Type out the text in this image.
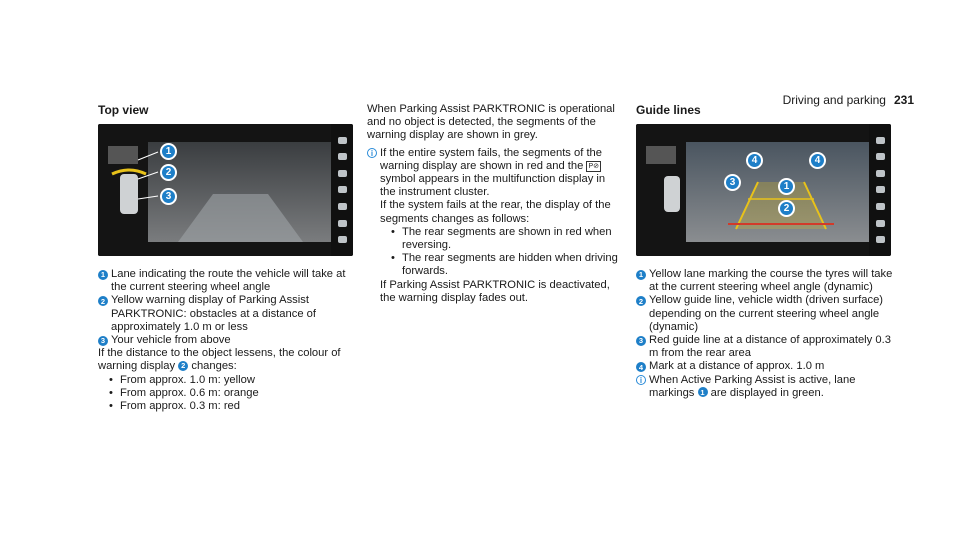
Driving and parking 231
Top view
1
2
3
1 Lane indicating the route the vehicle will take at the current steering wheel angle
2 Yellow warning display of Parking Assist PARKTRONIC: obstacles at a distance of approximately 1.0 m or less
3 Your vehicle from above

If the distance to the object lessens, the colour of warning display 2 changes:

• From approx. 1.0 m: yellow
• From approx. 0.6 m: orange
• From approx. 0.3 m: red

When Parking Assist PARKTRONIC is operational and no object is detected, the segments of the warning display are shown in grey.

i If the entire system fails, the segments of the warning display are shown in red and the P⊘ symbol appears in the multifunction display in the instrument cluster.

If the system fails at the rear, the display of the segments changes as follows:

• The rear segments are shown in red when reversing.
• The rear segments are hidden when driving forwards.

If Parking Assist PARKTRONIC is deactivated, the warning display fades out.

Guide lines
4	4
3	1
2
1 Yellow lane marking the course the tyres will take at the current steering wheel angle (dynamic)
2 Yellow guide line, vehicle width (driven surface) depending on the current steering wheel angle (dynamic)
3 Red guide line at a distance of approximately 0.3 m from the rear area
4 Mark at a distance of approx. 1.0 m
i When Active Parking Assist is active, lane markings 1 are displayed in green.
